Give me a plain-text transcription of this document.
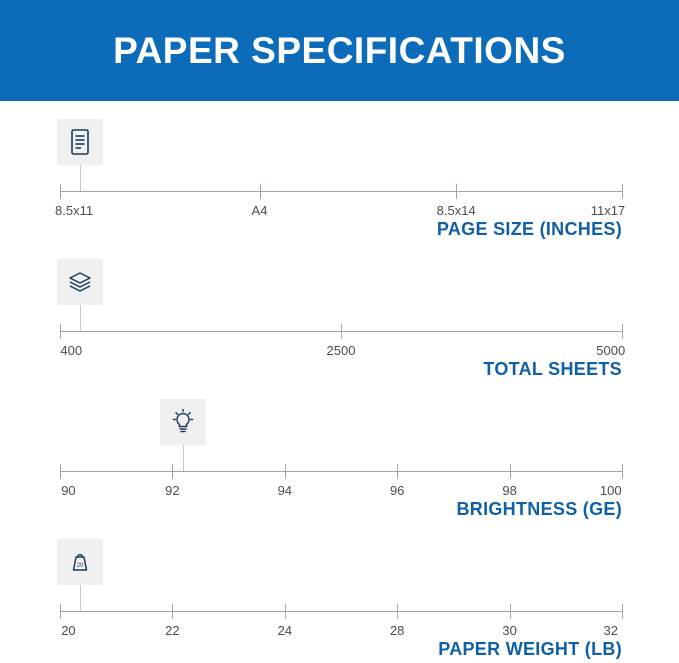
PAPER SPECIFICATIONS
8.5x11	A4	8.5x14	11x17
PAGE SIZE (INCHES)
400	2500	5000
TOTAL SHEETS
90	92	94	96	98	100
BRIGHTNESS (GE)
20
20	22	24	28	30	32
PAPER WEIGHT (LB)
